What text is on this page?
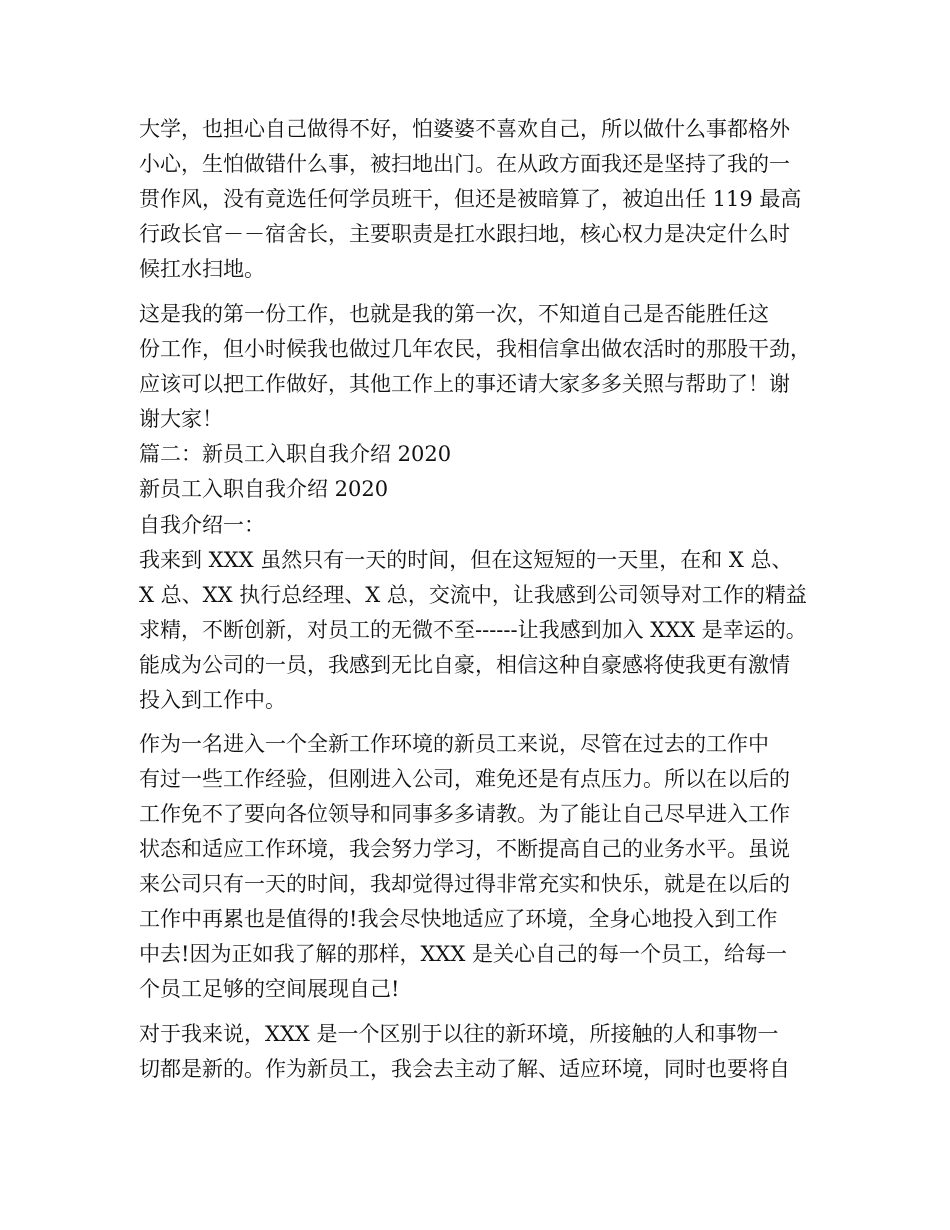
大学，也担心自己做得不好，怕婆婆不喜欢自己，所以做什么事都格外
小心，生怕做错什么事，被扫地出门。在从政方面我还是坚持了我的一
贯作风，没有竟选任何学员班干，但还是被暗算了，被迫出任 119 最高
行政长官－－宿舍长，主要职责是扛水跟扫地，核心权力是决定什么时
候扛水扫地。
这是我的第一份工作，也就是我的第一次，不知道自己是否能胜任这
份工作，但小时候我也做过几年农民，我相信拿出做农活时的那股干劲，
应该可以把工作做好，其他工作上的事还请大家多多关照与帮助了！谢
谢大家！
篇二：新员工入职自我介绍 2020
新员工入职自我介绍 2020
自我介绍一：
我来到 XXX 虽然只有一天的时间，但在这短短的一天里，在和 X 总、
X 总、XX 执行总经理、X 总，交流中，让我感到公司领导对工作的精益
求精，不断创新，对员工的无微不至------让我感到加入 XXX 是幸运的。
能成为公司的一员，我感到无比自豪，相信这种自豪感将使我更有激情
投入到工作中。
作为一名进入一个全新工作环境的新员工来说，尽管在过去的工作中
有过一些工作经验，但刚进入公司，难免还是有点压力。所以在以后的
工作免不了要向各位领导和同事多多请教。为了能让自己尽早进入工作
状态和适应工作环境，我会努力学习，不断提高自己的业务水平。虽说
来公司只有一天的时间，我却觉得过得非常充实和快乐，就是在以后的
工作中再累也是值得的!我会尽快地适应了环境，全身心地投入到工作
中去!因为正如我了解的那样，XXX 是关心自己的每一个员工，给每一
个员工足够的空间展现自己!
对于我来说，XXX 是一个区别于以往的新环境，所接触的人和事物一
切都是新的。作为新员工，我会去主动了解、适应环境，同时也要将自
